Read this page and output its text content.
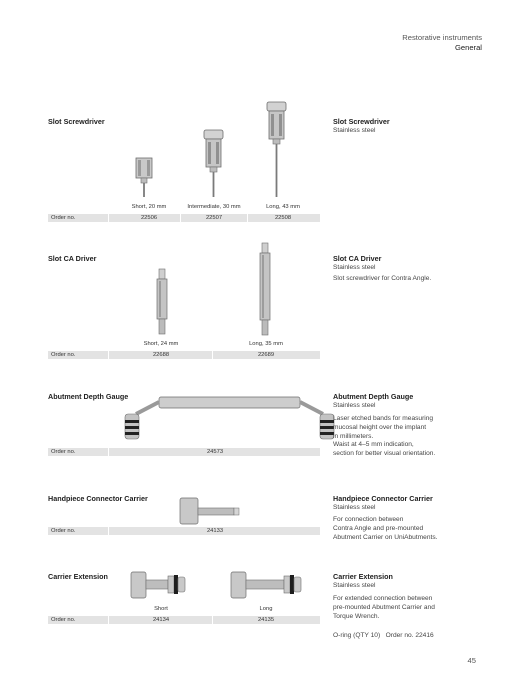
Restorative instruments
General
Slot Screwdriver

Short, 20 mm	Intermediate, 30 mm	Long, 43 mm
Order no.	22506	22507	22508
Slot Screwdriver
Stainless steel
Slot CA Driver
Short, 24 mm	Long, 35 mm
Order no.	22688	22689
Slot CA Driver
Stainless steel
Slot screwdriver for Contra Angle.
Abutment Depth Gauge
Order no.	24573
Abutment Depth Gauge
Stainless steel
Laser etched bands for measuring
mucosal height over the implant
in millimeters.
Waist at 4–5 mm indication,
section for better visual orientation.
Handpiece Connector Carrier
Order no.	24133
Handpiece Connector Carrier
Stainless steel
For connection between
Contra Angle and pre-mounted
Abutment Carrier on UniAbutments.
Carrier Extension
Short	Long
Order no.	24134	24135
Carrier Extension
Stainless steel
For extended connection between
pre-mounted Abutment Carrier and
Torque Wrench.
O-ring (QTY 10)   Order no. 22416
45
